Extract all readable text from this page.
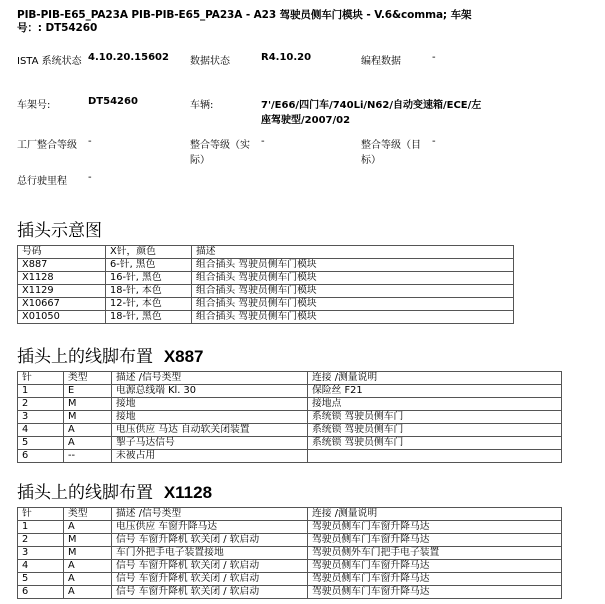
PIB-PIB-E65_PA23A PIB-PIB-E65_PA23A - A23 驾驶员侧车门模块 - V.6&comma; 车架号：: DT54260
ISTA 系统状态	4.10.20.15602	数据状态	R4.10.20	编程数据	-
车架号:	DT54260	车辆:	7'/E66/四门车/740Li/N62/自动变速箱/ECE/左座驾驶型/2007/02		
工厂整合等级	-	整合等级（实际）	-	整合等级（目标）	-
总行驶里程	-				
插头示意图
号码	X针，颜色	描述
X887	6-针, 黑色	组合插头 驾驶员侧车门模块
X1128	16-针, 黑色	组合插头 驾驶员侧车门模块
X1129	18-针, 本色	组合插头 驾驶员侧车门模块
X10667	12-针, 本色	组合插头 驾驶员侧车门模块
X01050	18-针, 黑色	组合插头 驾驶员侧车门模块
插头上的线脚布置 X887
针	类型	描述 /信号类型	连接 /测量说明
1	E	电源总线端 Kl. 30	保险丝 F21
2	M	接地	接地点
3	M	接地	系统锁 驾驶员侧车门
4	A	电压供应 马达 自动软关闭装置	系统锁 驾驶员侧车门
5	A	掣子马达信号	系统锁 驾驶员侧车门
6	--	未被占用	
插头上的线脚布置 X1128
针	类型	描述 /信号类型	连接 /测量说明
1	A	电压供应 车窗升降马达	驾驶员侧车门车窗升降马达
2	M	信号 车窗升降机 软关闭 / 软启动	驾驶员侧车门车窗升降马达
3	M	车门外把手电子装置接地	驾驶员侧外车门把手电子装置
4	A	信号 车窗升降机 软关闭 / 软启动	驾驶员侧车门车窗升降马达
5	A	信号 车窗升降机 软关闭 / 软启动	驾驶员侧车门车窗升降马达
6	A	信号 车窗升降机 软关闭 / 软启动	驾驶员侧车门车窗升降马达
